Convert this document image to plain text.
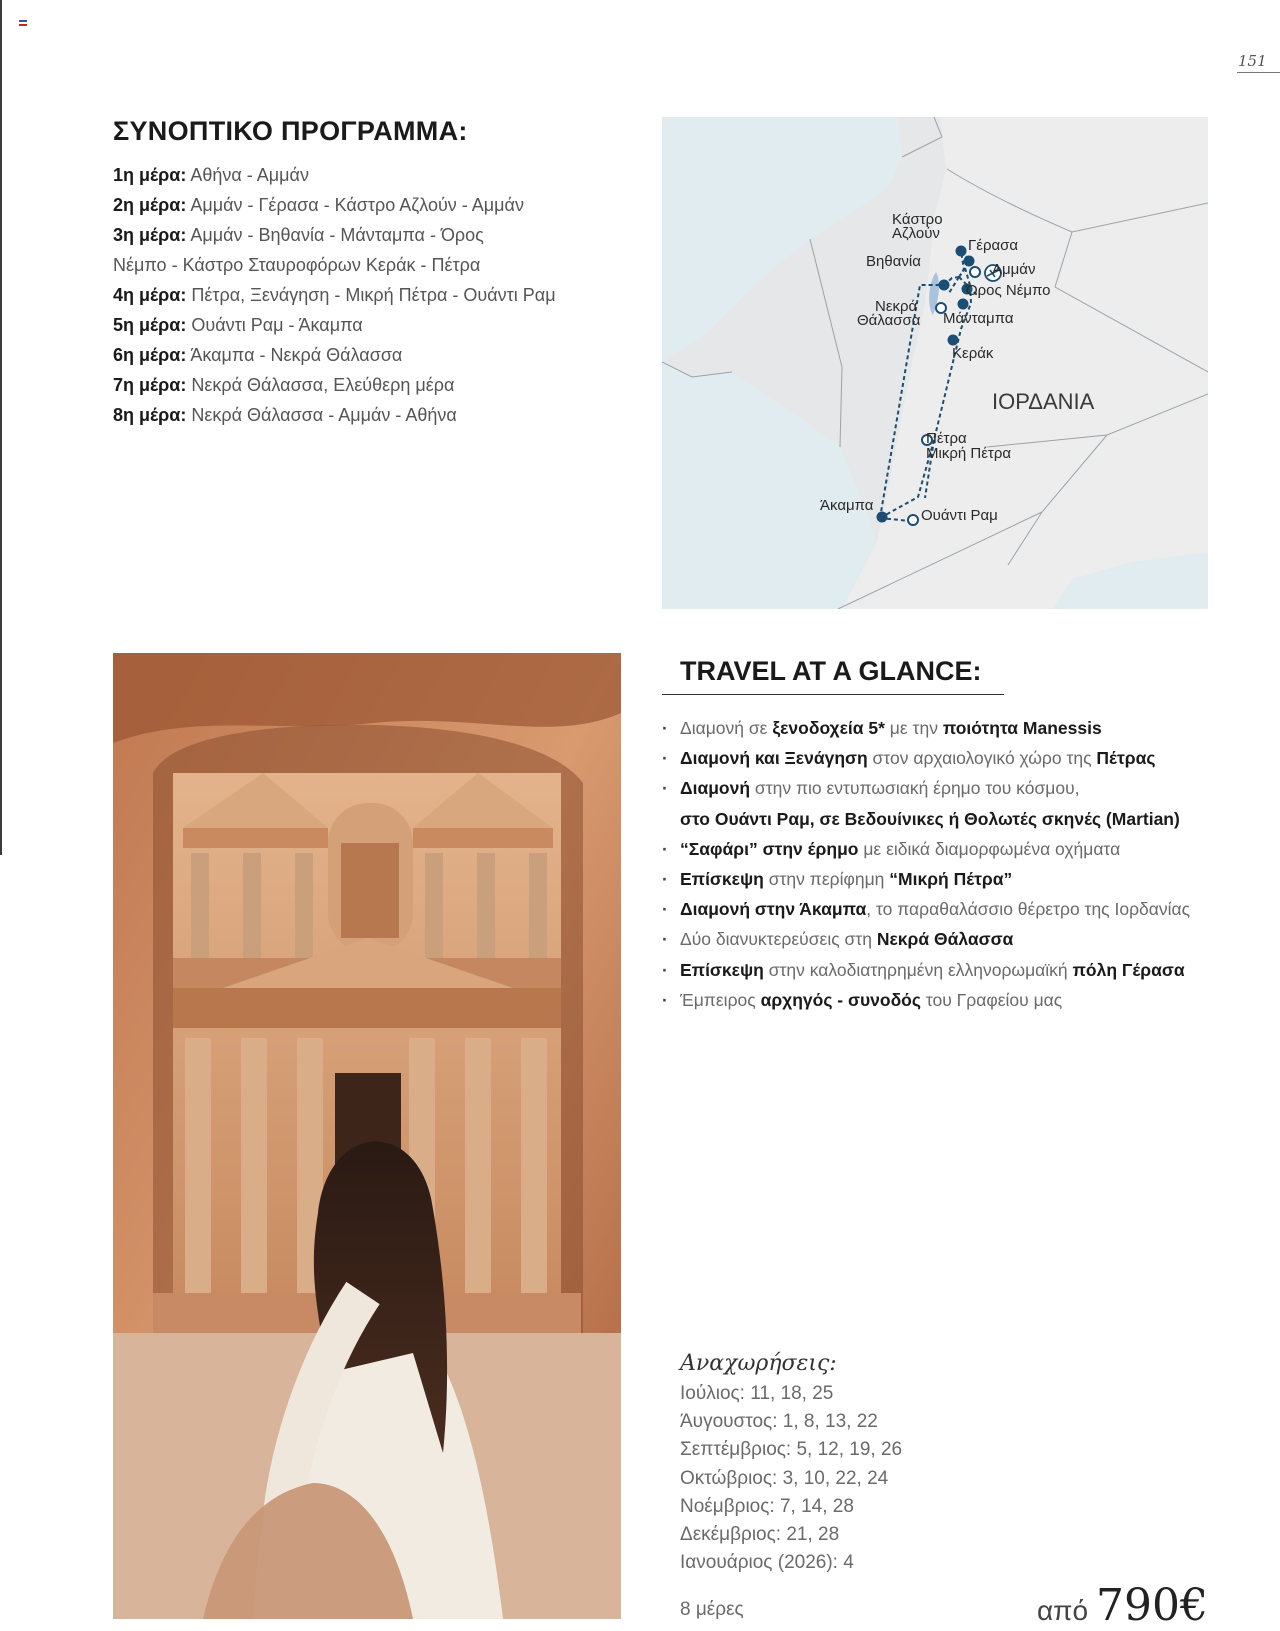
151
ΣΥΝΟΠΤΙΚΟ ΠΡΟΓΡΑΜΜΑ:
1η μέρα: Αθήνα - Αμμάν
2η μέρα: Αμμάν - Γέρασα - Κάστρο Αζλούν - Αμμάν
3η μέρα: Αμμάν - Βηθανία - Μάνταμπα - Όρος
Νέμπο - Κάστρο Σταυροφόρων Κεράκ - Πέτρα
4η μέρα: Πέτρα, Ξενάγηση - Μικρή Πέτρα - Ουάντι Ραμ
5η μέρα: Ουάντι Ραμ - Άκαμπα
6η μέρα: Άκαμπα - Νεκρά Θάλασσα
7η μέρα: Νεκρά Θάλασσα, Ελεύθερη μέρα
8η μέρα: Νεκρά Θάλασσα - Αμμάν - Αθήνα
Κάστρο
Αζλούν
Γέρασα
Βηθανία	Αμμάν
Όρος Νέμπο
Νεκρά
Θάλασσα Μάνταμπα
Κεράκ
Πέτρα
Μικρή Πέτρα
Άκαμπα
Ουάντι Ραμ
ΙΟΡΔΑΝΙΑ
TRAVEL AT A GLANCE:
· Διαμονή σε ξενοδοχεία 5* με την ποιότητα Manessis
· Διαμονή και Ξενάγηση στον αρχαιολογικό χώρο της Πέτρας
· Διαμονή στην πιο εντυπωσιακή έρημο του κόσμου,
στο Ουάντι Ραμ, σε Βεδουίνικες ή Θολωτές σκηνές (Martian)
· “Σαφάρι” στην έρημο με ειδικά διαμορφωμένα οχήματα
· Επίσκεψη στην περίφημη “Μικρή Πέτρα”
· Διαμονή στην Άκαμπα, το παραθαλάσσιο θέρετρο της Ιορδανίας
· Δύο διανυκτερεύσεις στη Νεκρά Θάλασσα
· Επίσκεψη στην καλοδιατηρημένη ελληνορωμαϊκή πόλη Γέρασα
· Έμπειρος αρχηγός - συνοδός του Γραφείου μας
Αναχωρήσεις:
Ιούλιος: 11, 18, 25
Άυγουστος: 1, 8, 13, 22
Σεπτέμβριος: 5, 12, 19, 26
Οκτώβριος: 3, 10, 22, 24
Νοέμβριος: 7, 14, 28
Δεκέμβριος: 21, 28
Ιανουάριος (2026): 4
8 μέρες	από 790€
